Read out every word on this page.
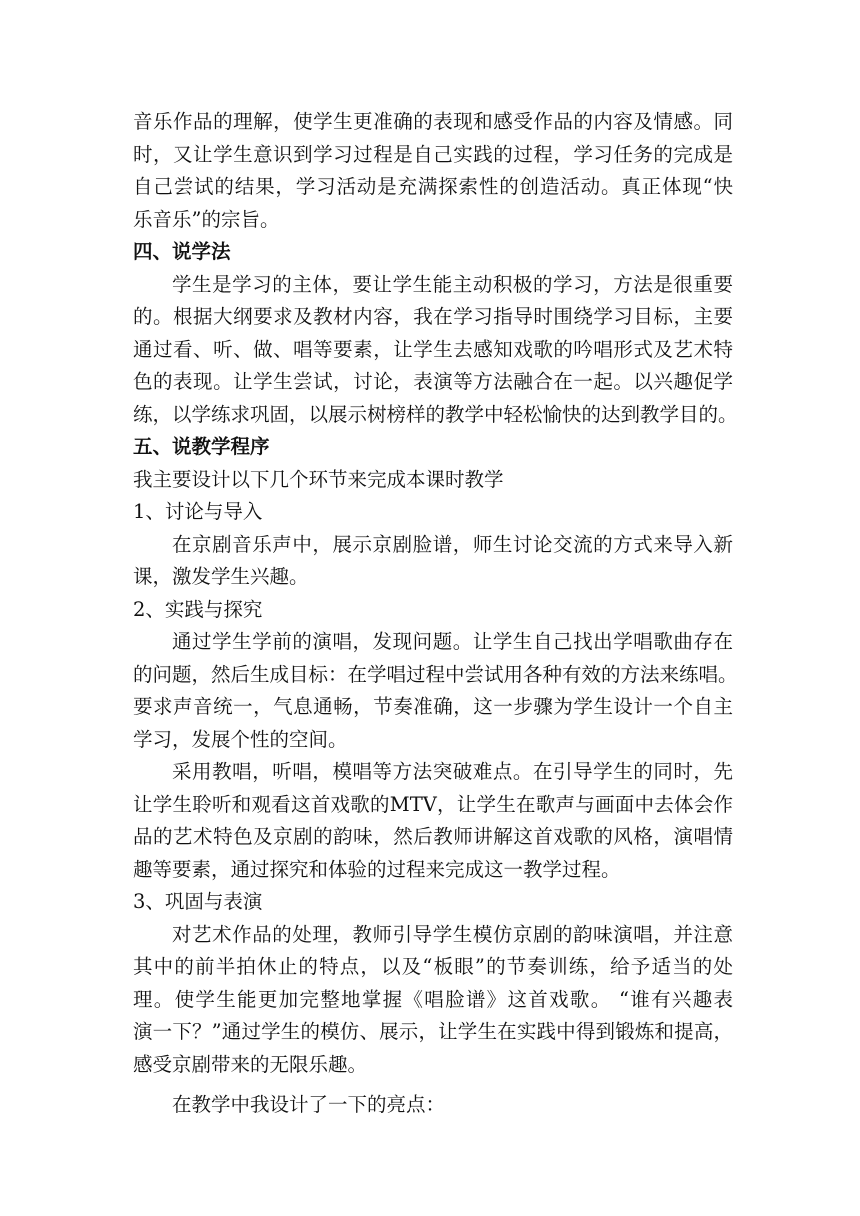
音乐作品的理解，使学生更准确的表现和感受作品的内容及情感。同
时，又让学生意识到学习过程是自己实践的过程，学习任务的完成是
自己尝试的结果，学习活动是充满探索性的创造活动。真正体现“快
乐音乐”的宗旨。
四、说学法
学生是学习的主体，要让学生能主动积极的学习，方法是很重要
的。根据大纲要求及教材内容，我在学习指导时围绕学习目标，主要
通过看、听、做、唱等要素，让学生去感知戏歌的吟唱形式及艺术特
色的表现。让学生尝试，讨论，表演等方法融合在一起。以兴趣促学
练，以学练求巩固，以展示树榜样的教学中轻松愉快的达到教学目的。
五、说教学程序
我主要设计以下几个环节来完成本课时教学
1、讨论与导入
在京剧音乐声中，展示京剧脸谱，师生讨论交流的方式来导入新
课，激发学生兴趣。
2、实践与探究
通过学生学前的演唱，发现问题。让学生自己找出学唱歌曲存在
的问题，然后生成目标：在学唱过程中尝试用各种有效的方法来练唱。
要求声音统一，气息通畅，节奏准确，这一步骤为学生设计一个自主
学习，发展个性的空间。
采用教唱，听唱，模唱等方法突破难点。在引导学生的同时，先
让学生聆听和观看这首戏歌的MTV，让学生在歌声与画面中去体会作
品的艺术特色及京剧的韵味，然后教师讲解这首戏歌的风格，演唱情
趣等要素，通过探究和体验的过程来完成这一教学过程。
3、巩固与表演
对艺术作品的处理，教师引导学生模仿京剧的韵味演唱，并注意
其中的前半拍休止的特点，以及“板眼”的节奏训练，给予适当的处
理。使学生能更加完整地掌握《唱脸谱》这首戏歌。 “谁有兴趣表
演一下？”通过学生的模仿、展示，让学生在实践中得到锻炼和提高，
感受京剧带来的无限乐趣。
在教学中我设计了一下的亮点：
